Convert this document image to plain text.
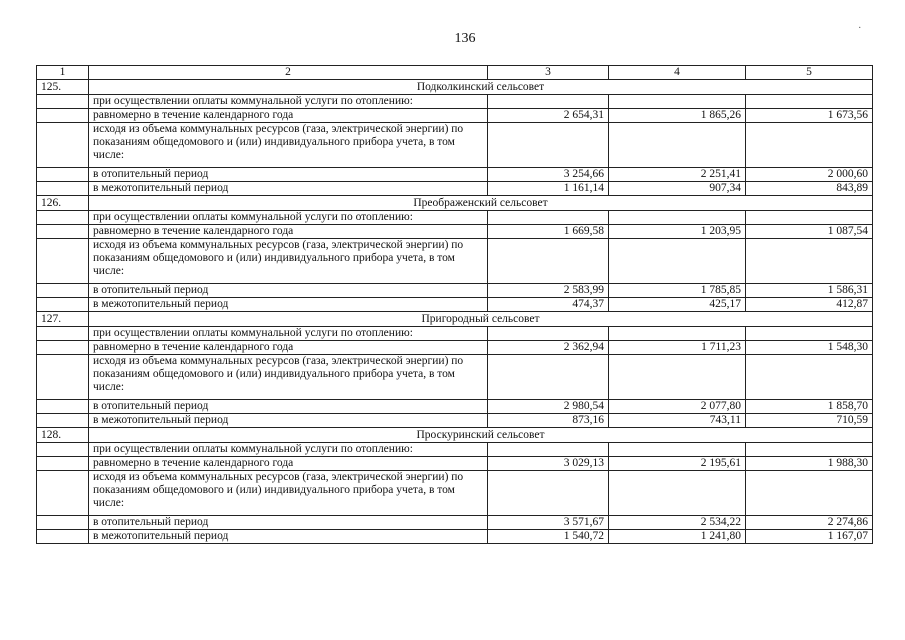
136
.
1	2	3	4	5
125.	Подколкинский сельсовет			
	при осуществлении оплаты коммунальной услуги по отоплению:			
	равномерно в течение календарного года	2 654,31	1 865,26	1 673,56
	исходя из объема коммунальных ресурсов (газа, электрической энергии) по показаниям общедомового и (или) индивидуального прибора учета, в том числе:			
	в отопительный период	3 254,66	2 251,41	2 000,60
	в межотопительный период	1 161,14	907,34	843,89
126.	Преображенский сельсовет			
	при осуществлении оплаты коммунальной услуги по отоплению:			
	равномерно в течение календарного года	1 669,58	1 203,95	1 087,54
	исходя из объема коммунальных ресурсов (газа, электрической энергии) по показаниям общедомового и (или) индивидуального прибора учета, в том числе:			
	в отопительный период	2 583,99	1 785,85	1 586,31
	в межотопительный период	474,37	425,17	412,87
127.	Пригородный сельсовет			
	при осуществлении оплаты коммунальной услуги по отоплению:			
	равномерно в течение календарного года	2 362,94	1 711,23	1 548,30
	исходя из объема коммунальных ресурсов (газа, электрической энергии) по показаниям общедомового и (или) индивидуального прибора учета, в том числе:			
	в отопительный период	2 980,54	2 077,80	1 858,70
	в межотопительный период	873,16	743,11	710,59
128.	Проскуринский сельсовет			
	при осуществлении оплаты коммунальной услуги по отоплению:			
	равномерно в течение календарного года	3 029,13	2 195,61	1 988,30
	исходя из объема коммунальных ресурсов (газа, электрической энергии) по показаниям общедомового и (или) индивидуального прибора учета, в том числе:			
	в отопительный период	3 571,67	2 534,22	2 274,86
	в межотопительный период	1 540,72	1 241,80	1 167,07
